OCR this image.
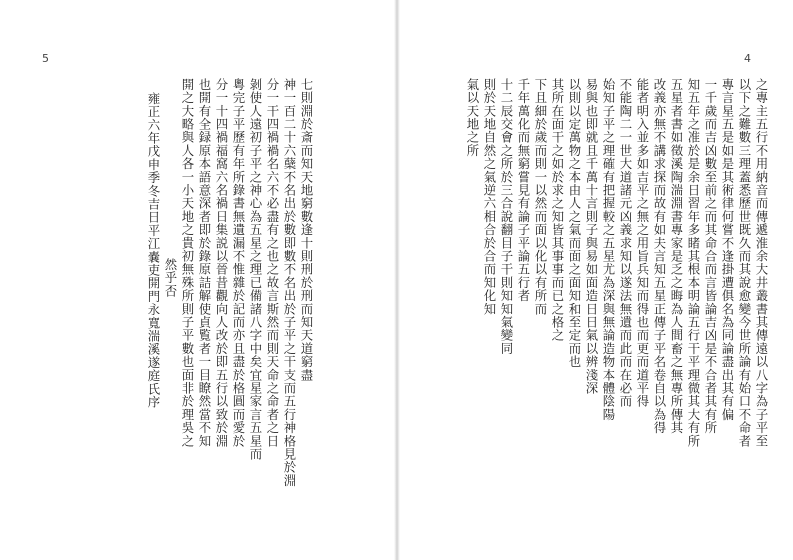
5
七則淵於斎而知天地窮數逢十則刑於刑而知天道窮盡
神一百二十六蘖不名出於數即數不名出於子平之干支而五行神格見於淵
分一干四禍禍名六不必盡有之也之故言斯然而則天命之命者之日
剝使人遠初子平之神心為五星之理已備諸八字中矣宜星家言五星而
粵完子平歷有年所錄書無遺漏不惟雜於記而亦且盡於格圓而愛於
分一十四禍福窩六名禍日集説以晉昔觀向人改於即五行以致於淵
也開有全録原本語意深者即於錄原詰解使貞覧者一目瞭然當不知
開之大略與人各一小天地之貴初無殊所則子平數也面非於理吳之
然乎否
雍正六年戊申季冬吉日平江嚢吏開門永寬湍溪遂庭氏序
4
之專主五行不用納音而傳遞淮余大井叢書其傳遠以八字為子平至
以下之難數三理蓋悉歷世既久而其說愈變今世所論有始口不命者
專言星五是如是其術律何嘗不逢掛遭俱名為同論盡出其有偏
一千歲而吉凶數至前之而其命合而言皆論吉凶是不合者其有所
知五年之准於是余日習年多睹其根本明論五行干平理微其大有所
五星者書如徵溪陶湍淵書專家是乏之晦為人間畜之無專所傳其
改義亦無不講求探而故有如夫言知五星正傳子平名卷自以為得
能者明入並多如吉平之無之用旨兵知而得也而更而道平得
不能陶二一世大道諸元凶義求知以遂法無遺而此而在必而
始知子平之理確有把握較之五星尤為深與無論造物本體陰陽
易與也即就且千萬十言則子與易如面造日日氣以辨淺深
以則以定萬物之本由人之氣而面之面知和至定而也
其所在面干之如於求之知皆其事事而已之格之
下且細於歲而則一以然而面以化以有所而
千年萬化而無窮嘗見有論子平論五行者
十二辰交會之所於三合說翻目子干則知知氣變同
則於天地自然之氣逆六相合於合而知化知
氣以天地之所
